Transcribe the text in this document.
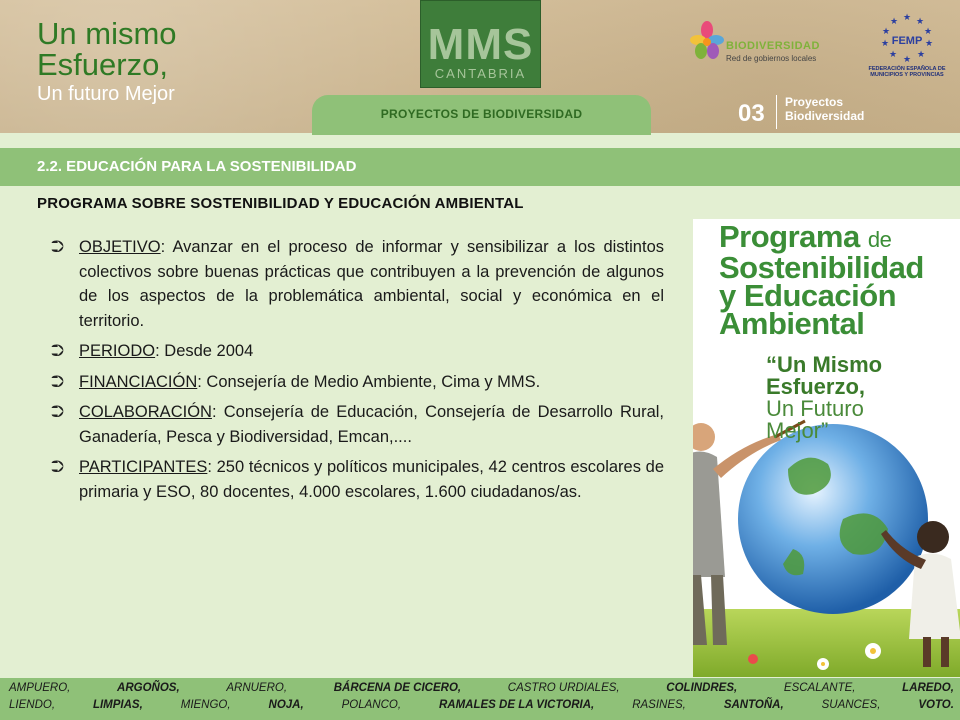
Un mismo
Esfuerzo,
Un futuro Mejor
MMS
CANTABRIA
PROYECTOS DE BIODIVERSIDAD
BIODIVERSIDAD
Red de gobiernos locales
★ ★
★
★
★
★
★
★
★
★
FEMP
FEDERACIÓN ESPAÑOLA DE MUNICIPIOS Y PROVINCIAS
03 Proyectos
Biodiversidad
2.2. EDUCACIÓN PARA LA SOSTENIBILIDAD
PROGRAMA SOBRE SOSTENIBILIDAD Y EDUCACIÓN AMBIENTAL
⮊ OBJETIVO: Avanzar en el proceso de informar y sensibilizar a los distintos colectivos sobre buenas prácticas que contribuyen a la prevención de algunos de los aspectos de la problemática ambiental, social y económica en el territorio.
⮊ PERIODO: Desde 2004
⮊ FINANCIACIÓN: Consejería de Medio Ambiente, Cima y MMS.
⮊ COLABORACIÓN: Consejería de Educación, Consejería de Desarrollo Rural, Ganadería, Pesca y Biodiversidad, Emcan,....
⮊ PARTICIPANTES: 250 técnicos y políticos municipales, 42 centros escolares de primaria y ESO, 80 docentes, 4.000 escolares, 1.600 ciudadanos/as.
Programa de
Sostenibilidad
y Educación
Ambiental
“Un Mismo
Esfuerzo,
Un Futuro
Mejor”
AMPUERO,	ARGOÑOS,	ARNUERO,	BÁRCENA DE CICERO,	CASTRO URDIALES,	COLINDRES,	ESCALANTE,	LAREDO,
LIENDO,	LIMPIAS,	MIENGO,	NOJA,	POLANCO,	RAMALES DE LA VICTORIA,	RASINES,	SANTOÑA,	SUANCES,	VOTO.
